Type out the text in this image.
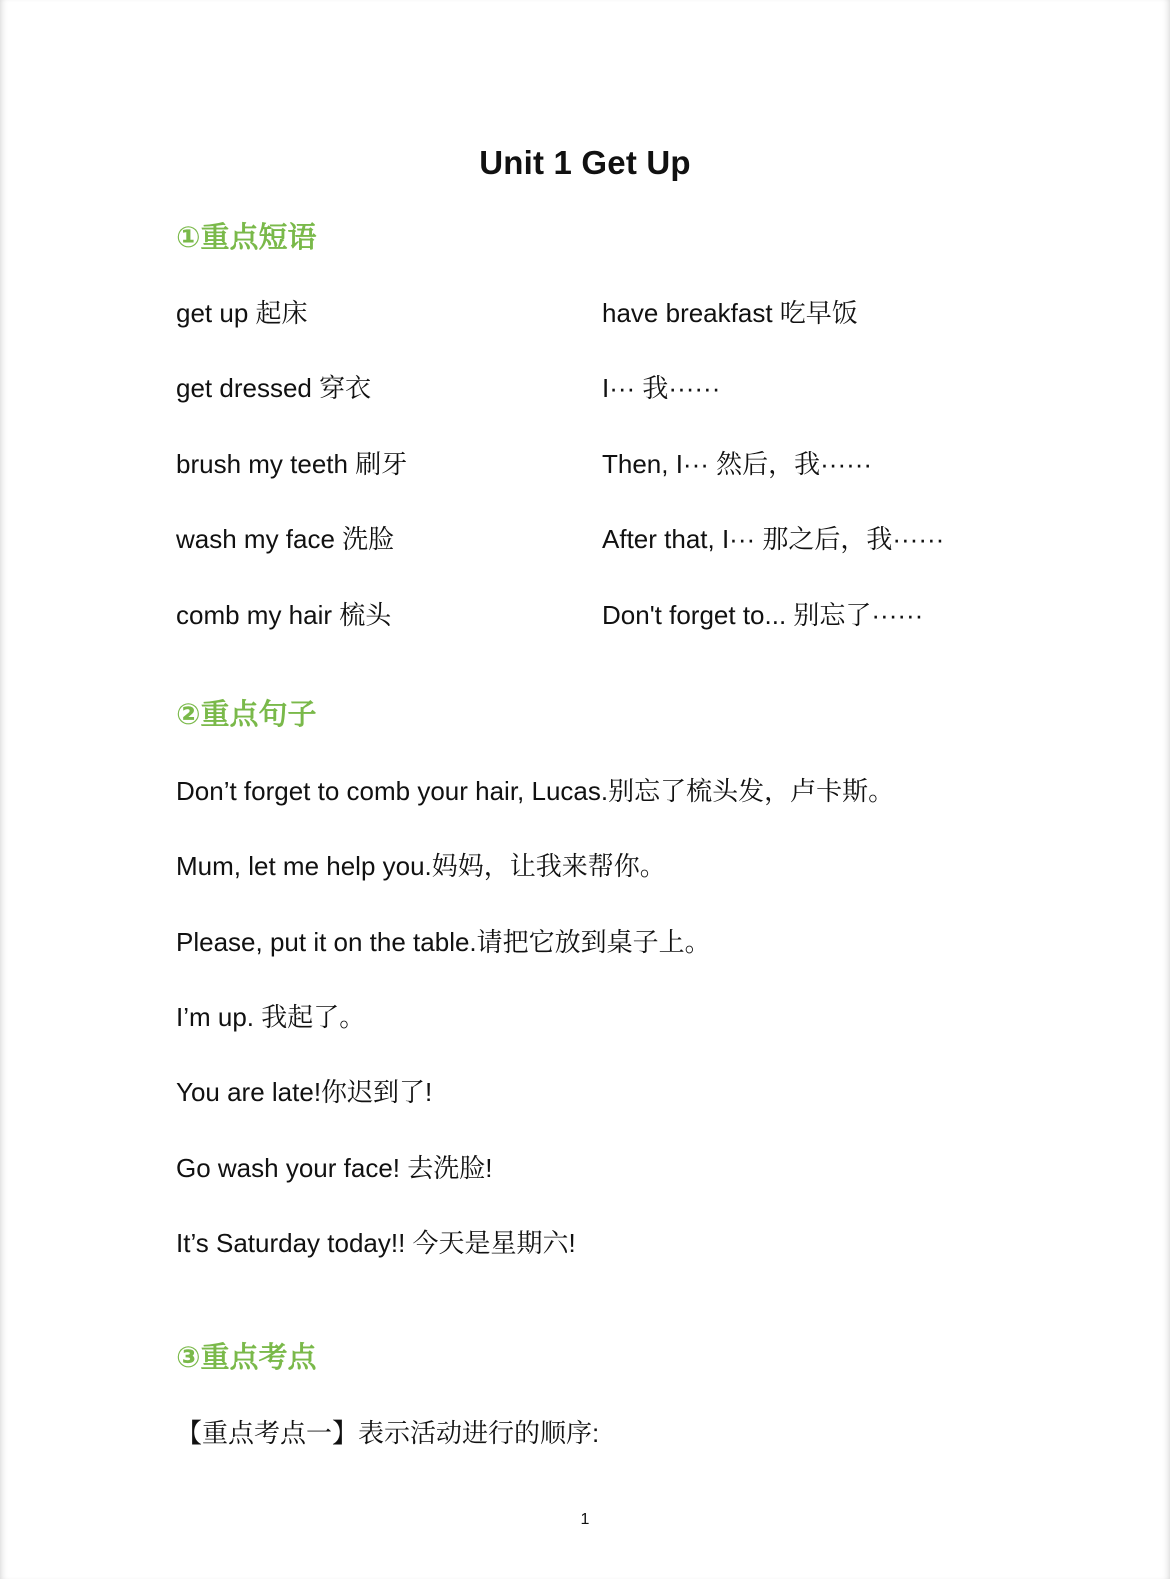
Unit 1 Get Up
①重点短语
get up 起床
get dressed 穿衣
brush my teeth 刷牙
wash my face 洗脸
comb my hair 梳头
have breakfast 吃早饭
I··· 我······
Then, I··· 然后，我······
After that, I··· 那之后，我······
Don't forget to... 别忘了······
②重点句子
Don’t forget to comb your hair, Lucas.别忘了梳头发，卢卡斯。
Mum, let me help you.妈妈，让我来帮你。
Please, put it on the table.请把它放到桌子上。
I’m up. 我起了。
You are late!你迟到了!
Go wash your face! 去洗脸!
It’s Saturday today!! 今天是星期六!
③重点考点
【重点考点一】表示活动进行的顺序:
1
